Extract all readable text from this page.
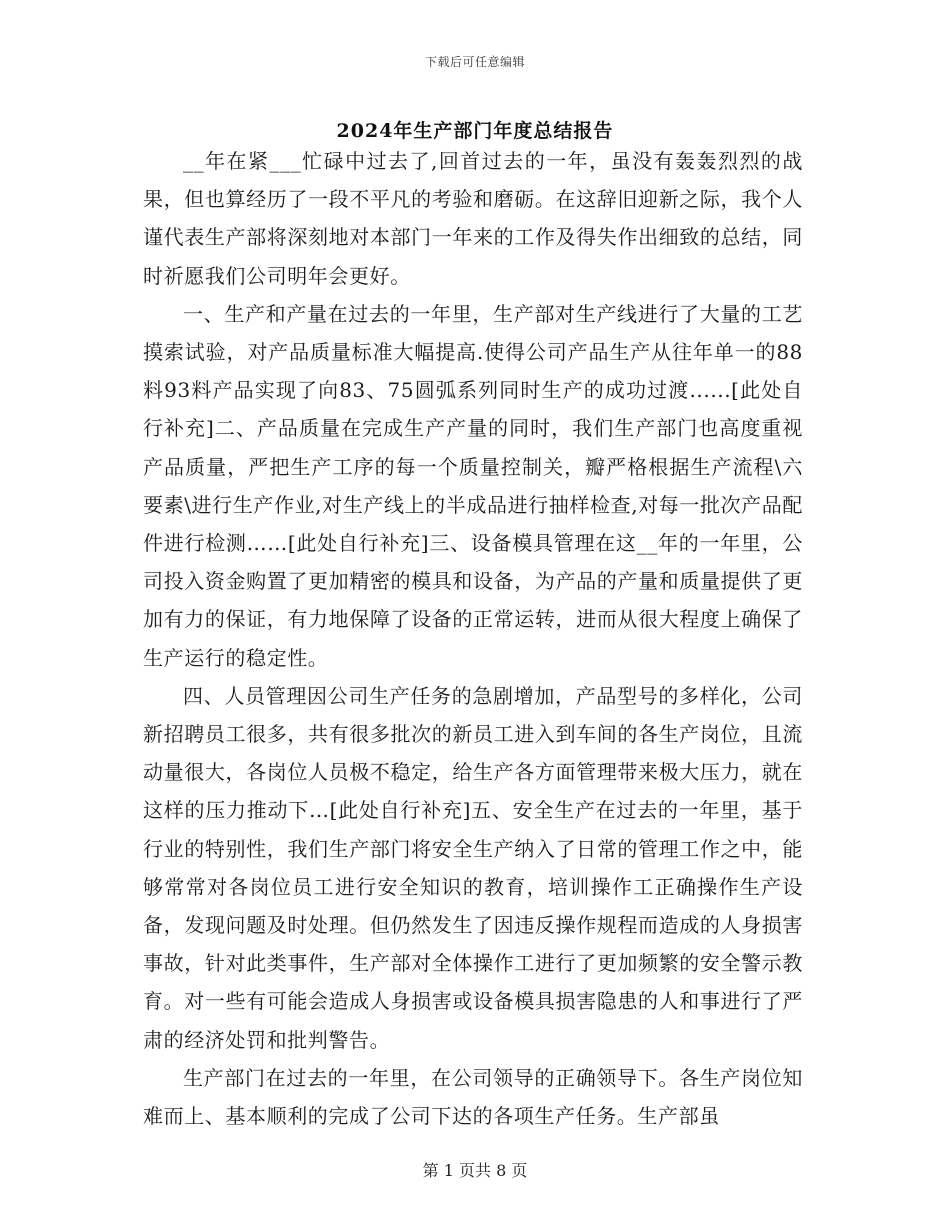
下载后可任意编辑
2024年生产部门年度总结报告

__年在紧___忙碌中过去了,回首过去的一年，虽没有轰轰烈烈的战果，但也算经历了一段不平凡的考验和磨砺。在这辞旧迎新之际，我个人谨代表生产部将深刻地对本部门一年来的工作及得失作出细致的总结，同时祈愿我们公司明年会更好。

一、生产和产量在过去的一年里，生产部对生产线进行了大量的工艺摸索试验，对产品质量标准大幅提高.使得公司产品生产从往年单一的88料93料产品实现了向83、75圆弧系列同时生产的成功过渡......[此处自行补充]二、产品质量在完成生产产量的同时，我们生产部门也高度重视产品质量，严把生产工序的每一个质量控制关，瓣严格根据生产流程\六要素\进行生产作业,对生产线上的半成品进行抽样检查,对每一批次产品配件进行检测……[此处自行补充]三、设备模具管理在这__年的一年里，公司投入资金购置了更加精密的模具和设备，为产品的产量和质量提供了更加有力的保证，有力地保障了设备的正常运转，进而从很大程度上确保了生产运行的稳定性。

四、人员管理因公司生产任务的急剧增加，产品型号的多样化，公司新招聘员工很多，共有很多批次的新员工进入到车间的各生产岗位，且流动量很大，各岗位人员极不稳定，给生产各方面管理带来极大压力，就在这样的压力推动下…[此处自行补充]五、安全生产在过去的一年里，基于行业的特别性，我们生产部门将安全生产纳入了日常的管理工作之中，能够常常对各岗位员工进行安全知识的教育，培训操作工正确操作生产设备，发现问题及时处理。但仍然发生了因违反操作规程而造成的人身损害事故，针对此类事件，生产部对全体操作工进行了更加频繁的安全警示教育。对一些有可能会造成人身损害或设备模具损害隐患的人和事进行了严肃的经济处罚和批判警告。

生产部门在过去的一年里，在公司领导的正确领导下。各生产岗位知难而上、基本顺利的完成了公司下达的各项生产任务。生产部虽

第 1 页共 8 页
